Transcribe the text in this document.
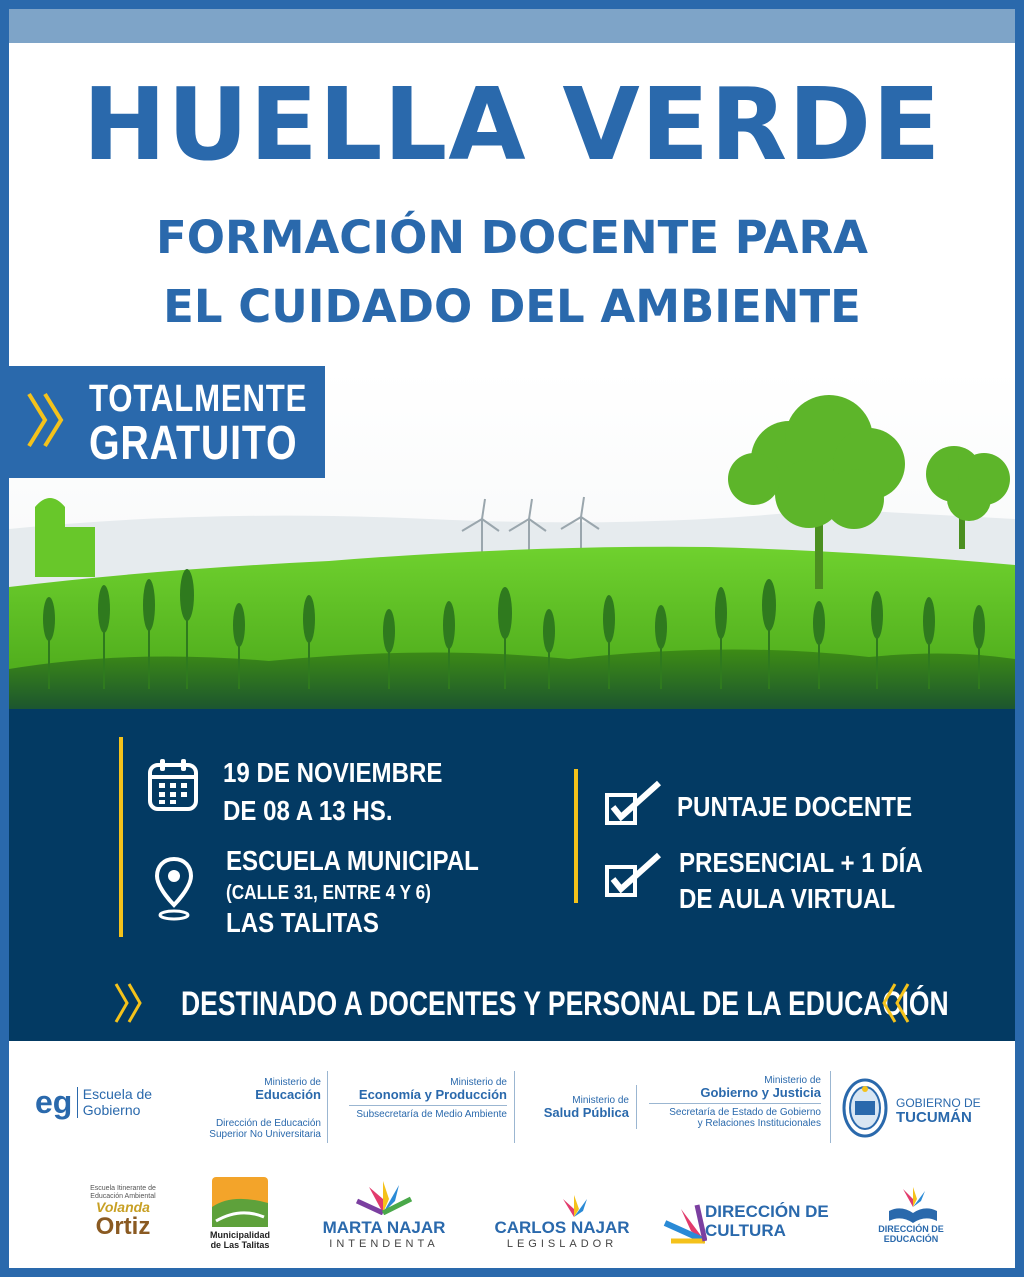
HUELLA VERDE
FORMACIÓN DOCENTE PARA
EL CUIDADO DEL AMBIENTE
TOTALMENTE
GRATUITO
19 DE NOVIEMBRE
DE 08 A 13 HS.
ESCUELA MUNICIPAL
(CALLE 31, ENTRE 4 Y 6)
LAS TALITAS
PUNTAJE DOCENTE
PRESENCIAL + 1 DÍA
DE AULA VIRTUAL
DESTINADO A DOCENTES Y PERSONAL DE LA EDUCACIÓN
eg Escuela de
Gobierno
Ministerio de
Educación
Dirección de Educación
Superior No Universitaria
Ministerio de
Economía y Producción
Subsecretaría de Medio Ambiente
Ministerio de
Salud Pública
Ministerio de
Gobierno y Justicia
Secretaría de Estado de Gobierno
y Relaciones Institucionales
GOBIERNO DE
TUCUMÁN
Escuela Itinerante de
Educación Ambiental
Volanda
Ortiz	Municipalidad
de Las Talitas
MARTA NAJAR
INTENDENTA
CARLOS NAJAR
LEGISLADOR
DIRECCIÓN DE
CULTURA	DIRECCIÓN DE
EDUCACIÓN
